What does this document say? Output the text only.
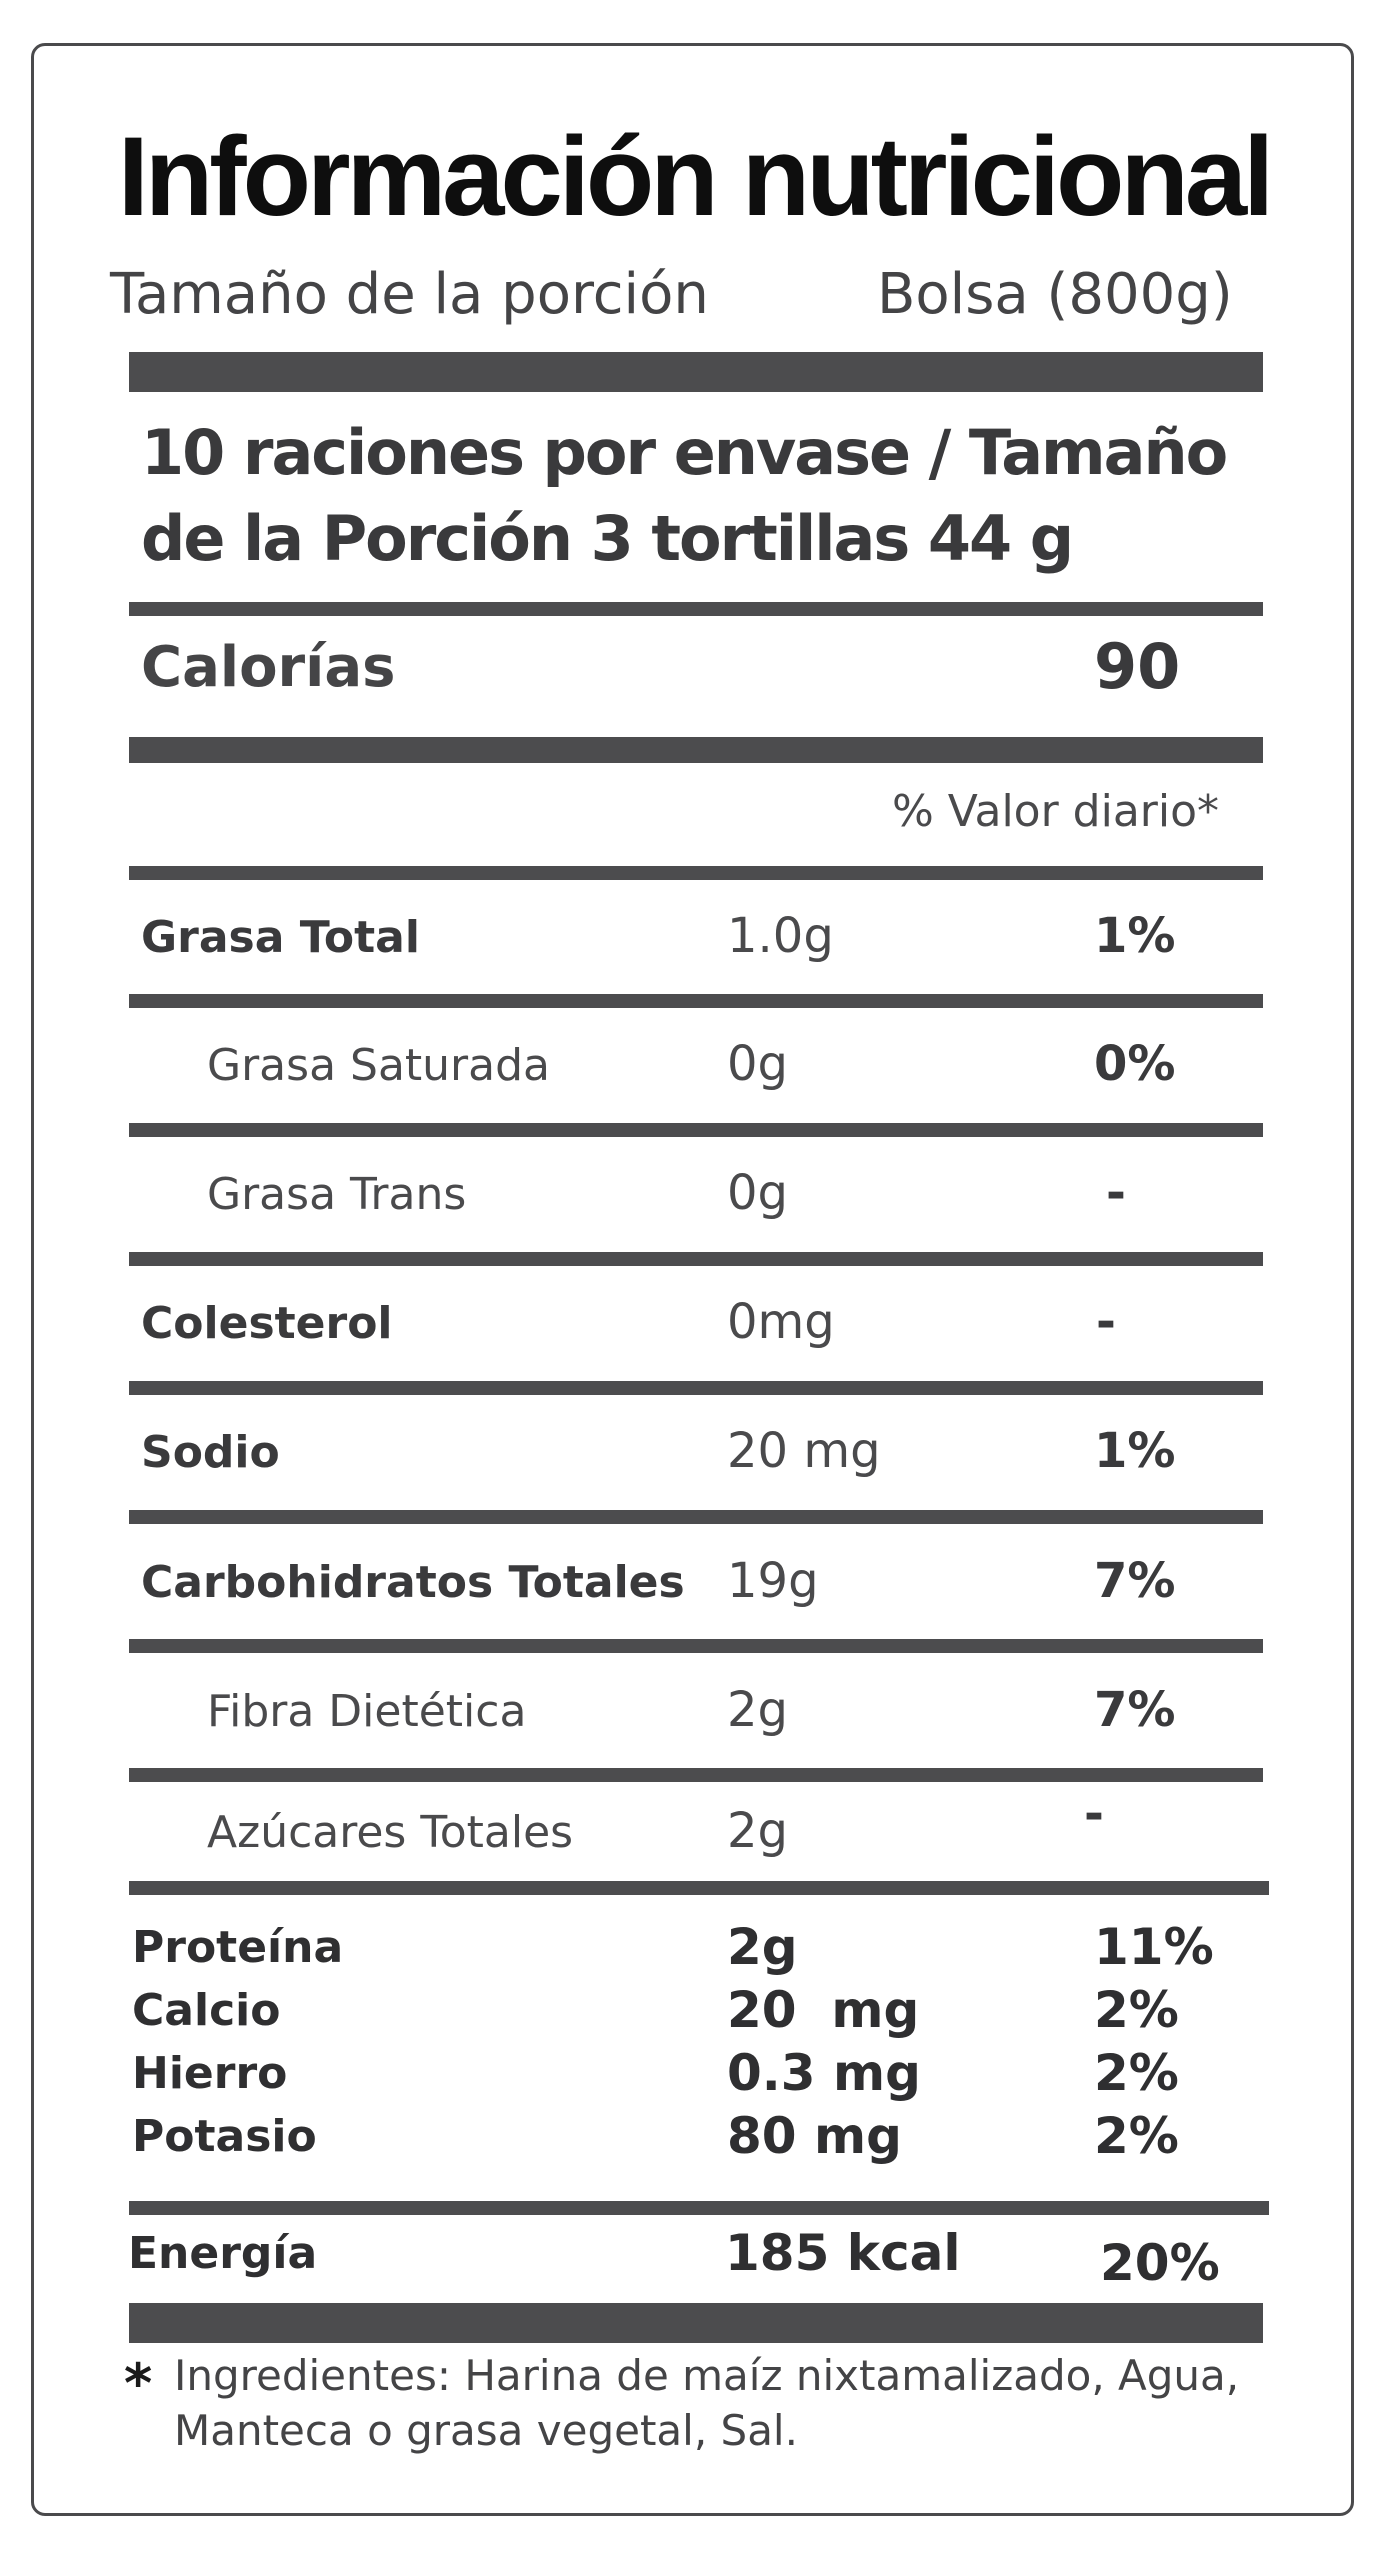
Información nutricional
Tamaño de la porción	Bolsa (800g)
10 raciones por envase / Tamaño de la Porción 3 tortillas 44 g
Calorías	90
% Valor diario*
Grasa Total	1.0g	1%
Grasa Saturada	0g	0%
Grasa Trans	0g	-
Colesterol	0mg	-
Sodio	20 mg	1%
Carbohidratos Totales 19g	7%
Fibra Dietética	2g	7%
Azúcares Totales	2g	-
Proteína	2g	11%
Calcio	20  mg	2%
Hierro	0.3 mg	2%
Potasio	80 mg	2%
Energía	185 kcal	20%
* Ingredientes: Harina de maíz nixtamalizado, Agua, Manteca o grasa vegetal, Sal.
